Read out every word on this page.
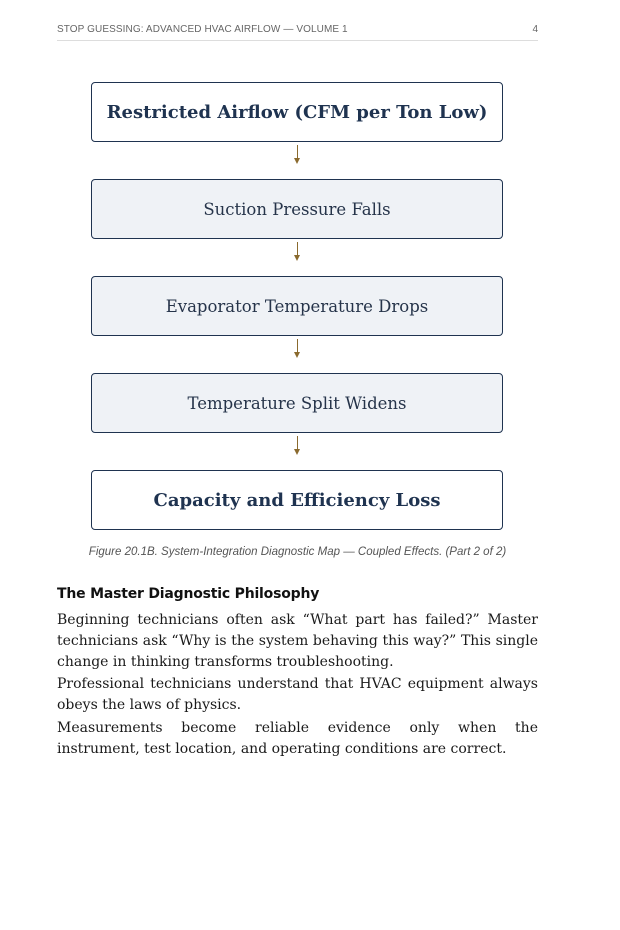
STOP GUESSING: ADVANCED HVAC AIRFLOW — VOLUME 1	4
Restricted Airflow (CFM per Ton Low)
Suction Pressure Falls
Evaporator Temperature Drops
Temperature Split Widens
Capacity and Efficiency Loss
Figure 20.1B. System-Integration Diagnostic Map — Coupled Effects. (Part 2 of 2)
The Master Diagnostic Philosophy

Beginning technicians often ask “What part has failed?” Master technicians ask “Why is the system behaving this way?” This single change in thinking transforms troubleshooting.

Professional technicians understand that HVAC equipment always obeys the laws of physics.

Measurements become reliable evidence only when the instrument, test location, and operating conditions are correct.
